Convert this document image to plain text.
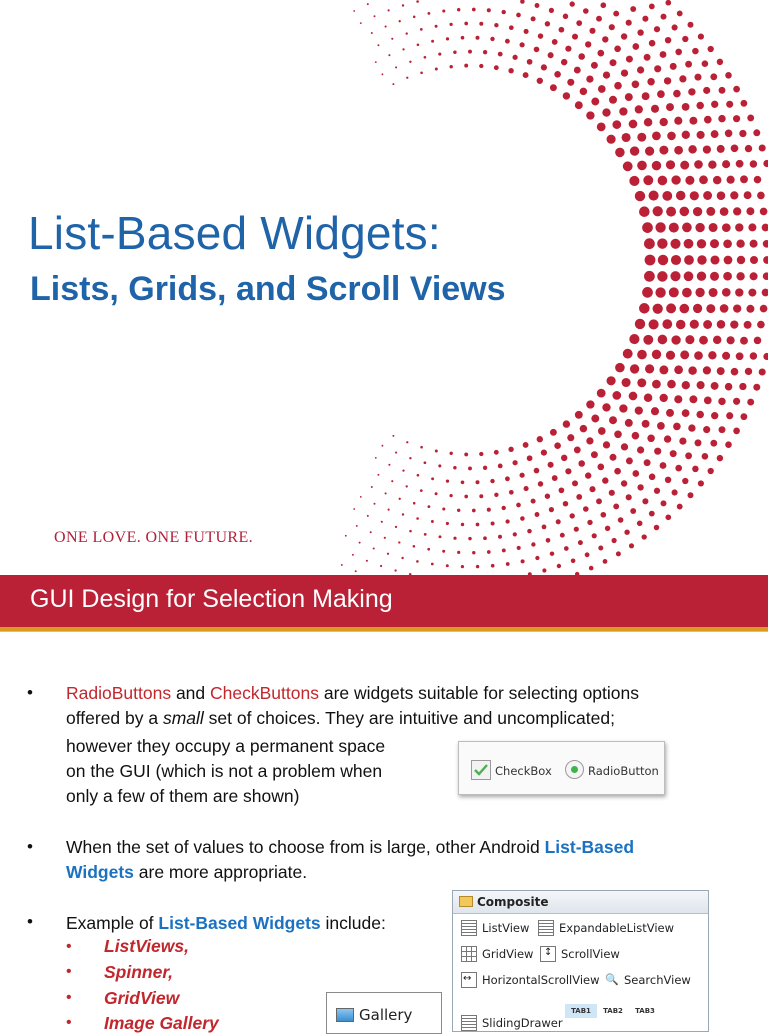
List-Based Widgets:
Lists, Grids, and Scroll Views
ONE LOVE. ONE FUTURE.
GUI Design for Selection Making
• RadioButtons and CheckButtons are widgets suitable for selecting options
offered by a small set of choices. They are intuitive and uncomplicated;
however they occupy a permanent space
on the GUI (which is not a problem when
only a few of them are shown)
CheckBox	RadioButton
• When the set of values to choose from is large, other Android List-Based
Widgets are more appropriate.
• Example of List-Based Widgets include:
• ListViews,
• Spinner,
• GridView
• Image Gallery
Composite
ListView	ExpandableListView
GridView ↕	ScrollView
↔HorizontalScrollView 🔍	SearchView
TAB1 TAB2 TAB3
SlidingDrawer
Gallery
